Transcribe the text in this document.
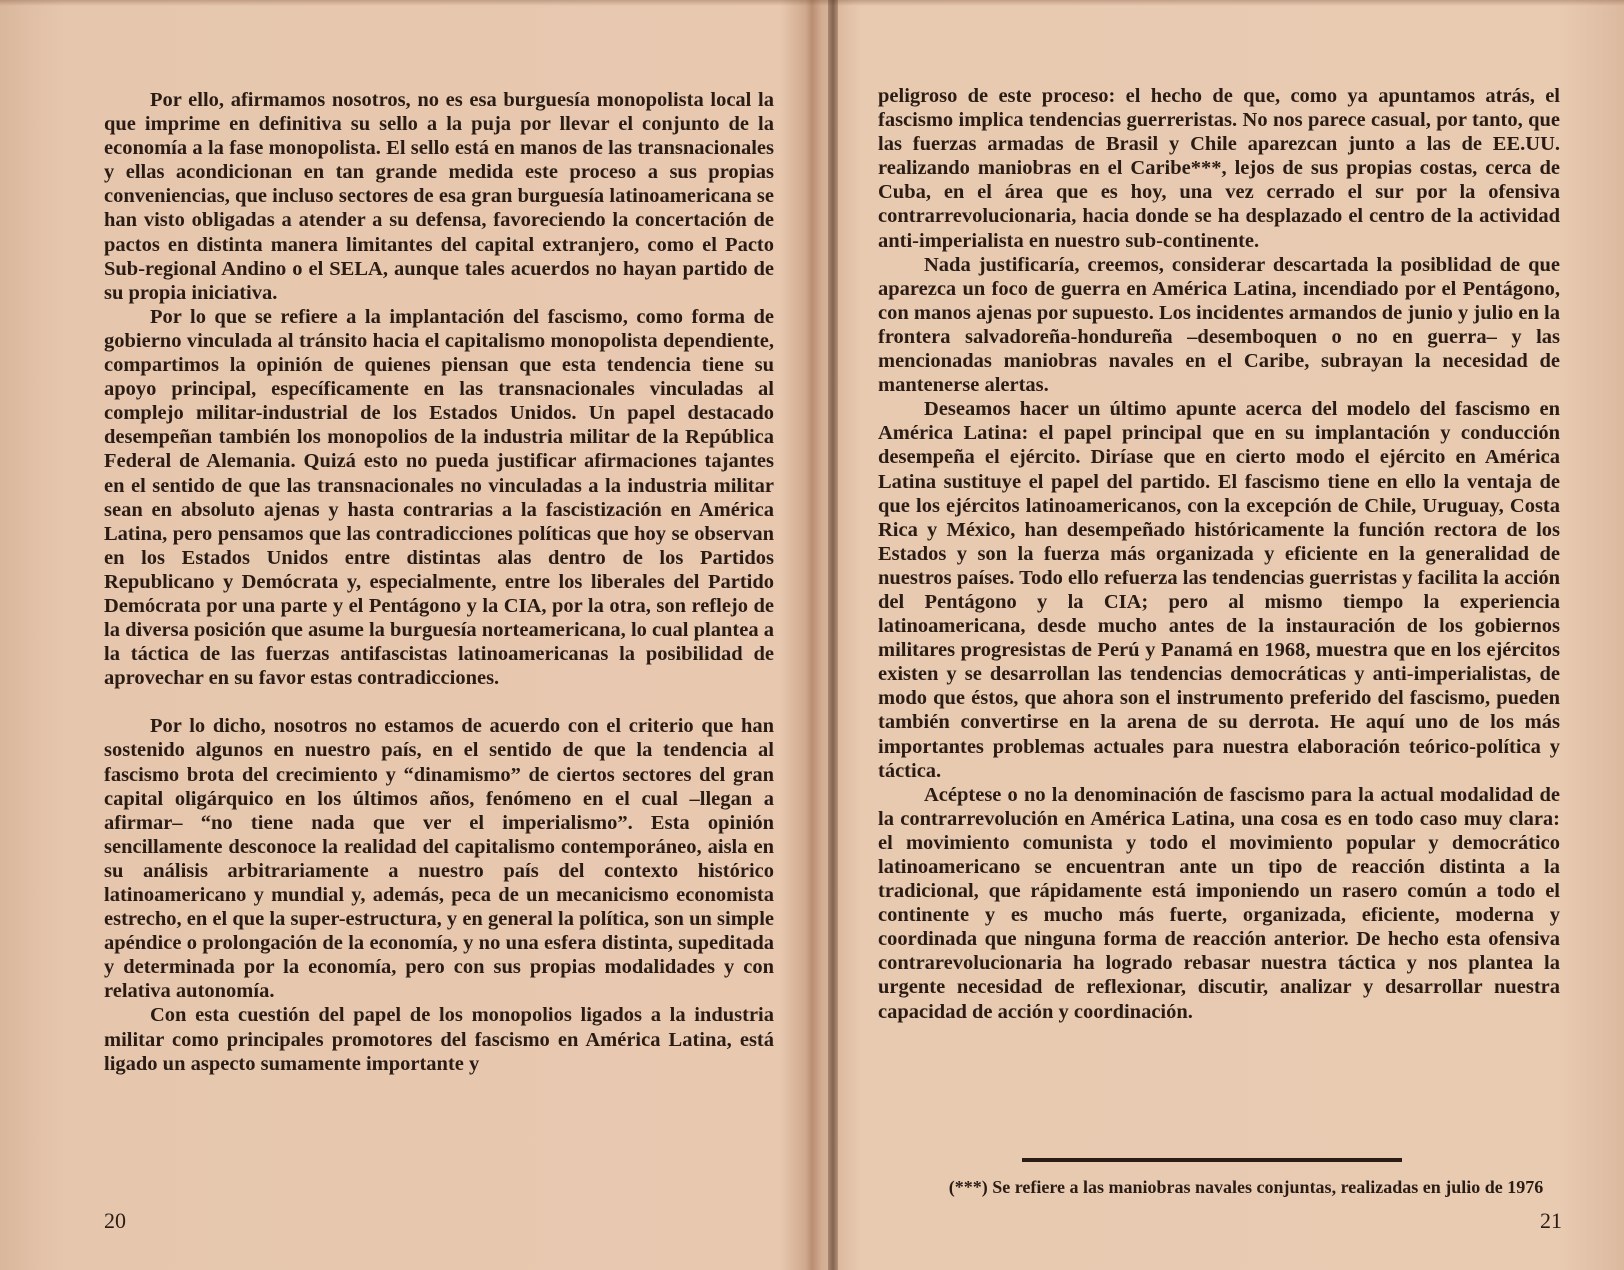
Por ello, afirmamos nosotros, no es esa burguesía monopolista local la que imprime en definitiva su sello a la puja por llevar el conjunto de la economía a la fase monopolista. El sello está en manos de las transnacionales y ellas acondicionan en tan grande medida este proceso a sus propias conveniencias, que incluso sectores de esa gran burguesía latinoamericana se han visto obligadas a atender a su defensa, favoreciendo la concertación de pactos en distinta manera limitantes del capital extranjero, como el Pacto Sub-regional Andino o el SELA, aunque tales acuerdos no hayan partido de su propia iniciativa.

Por lo que se refiere a la implantación del fascismo, como forma de gobierno vinculada al tránsito hacia el capitalismo monopolista dependiente, compartimos la opinión de quienes piensan que esta tendencia tiene su apoyo principal, específicamente en las transnacionales vinculadas al complejo militar-industrial de los Estados Unidos. Un papel destacado desempeñan también los monopolios de la industria militar de la República Federal de Alemania. Quizá esto no pueda justificar afirmaciones tajantes en el sentido de que las transnacionales no vinculadas a la industria militar sean en absoluto ajenas y hasta contrarias a la fascistización en América Latina, pero pensamos que las contradicciones políticas que hoy se observan en los Estados Unidos entre distintas alas dentro de los Partidos Republicano y Demócrata y, especialmente, entre los liberales del Partido Demócrata por una parte y el Pentágono y la CIA, por la otra, son reflejo de la diversa posición que asume la burguesía norteamericana, lo cual plantea a la táctica de las fuerzas antifascistas latinoamericanas la posibilidad de aprovechar en su favor estas contradicciones.

Por lo dicho, nosotros no estamos de acuerdo con el criterio que han sostenido algunos en nuestro país, en el sentido de que la tendencia al fascismo brota del crecimiento y “dinamismo” de ciertos sectores del gran capital oligárquico en los últimos años, fenómeno en el cual –llegan a afirmar– “no tiene nada que ver el imperialismo”. Esta opinión sencillamente desconoce la realidad del capitalismo contemporáneo, aisla en su análisis arbitrariamente a nuestro país del contexto histórico latinoamericano y mundial y, además, peca de un mecanicismo economista estrecho, en el que la super-estructura, y en general la política, son un simple apéndice o prolongación de la economía, y no una esfera distinta, supeditada y determinada por la economía, pero con sus propias modalidades y con relativa autonomía.

Con esta cuestión del papel de los monopolios ligados a la industria militar como principales promotores del fascismo en América Latina, está ligado un aspecto sumamente importante y

20

peligroso de este proceso: el hecho de que, como ya apuntamos atrás, el fascismo implica tendencias guerreristas. No nos parece casual, por tanto, que las fuerzas armadas de Brasil y Chile aparezcan junto a las de EE.UU. realizando maniobras en el Caribe***, lejos de sus propias costas, cerca de Cuba, en el área que es hoy, una vez cerrado el sur por la ofensiva contrarrevolucionaria, hacia donde se ha desplazado el centro de la actividad anti-imperialista en nuestro sub-continente.

Nada justificaría, creemos, considerar descartada la posiblidad de que aparezca un foco de guerra en América Latina, incendiado por el Pentágono, con manos ajenas por supuesto. Los incidentes armandos de junio y julio en la frontera salvadoreña-hondureña –desemboquen o no en guerra– y las mencionadas maniobras navales en el Caribe, subrayan la necesidad de mantenerse alertas.

Deseamos hacer un último apunte acerca del modelo del fascismo en América Latina: el papel principal que en su implantación y conducción desempeña el ejército. Diríase que en cierto modo el ejército en América Latina sustituye el papel del partido. El fascismo tiene en ello la ventaja de que los ejércitos latinoamericanos, con la excepción de Chile, Uruguay, Costa Rica y México, han desempeñado históricamente la función rectora de los Estados y son la fuerza más organizada y eficiente en la generalidad de nuestros países. Todo ello refuerza las tendencias guerristas y facilita la acción del Pentágono y la CIA; pero al mismo tiempo la experiencia latinoamericana, desde mucho antes de la instauración de los gobiernos militares progresistas de Perú y Panamá en 1968, muestra que en los ejércitos existen y se desarrollan las tendencias democráticas y anti-imperialistas, de modo que éstos, que ahora son el instrumento preferido del fascismo, pueden también convertirse en la arena de su derrota. He aquí uno de los más importantes problemas actuales para nuestra elaboración teórico-política y táctica.

Acéptese o no la denominación de fascismo para la actual modalidad de la contrarrevolución en América Latina, una cosa es en todo caso muy clara: el movimiento comunista y todo el movimiento popular y democrático latinoamericano se encuentran ante un tipo de reacción distinta a la tradicional, que rápidamente está imponiendo un rasero común a todo el continente y es mucho más fuerte, organizada, eficiente, moderna y coordinada que ninguna forma de reacción anterior. De hecho esta ofensiva contrarevolucionaria ha logrado rebasar nuestra táctica y nos plantea la urgente necesidad de reflexionar, discutir, analizar y desarrollar nuestra capacidad de acción y coordinación.

(***) Se refiere a las maniobras navales conjuntas, realizadas en julio de 1976
21
